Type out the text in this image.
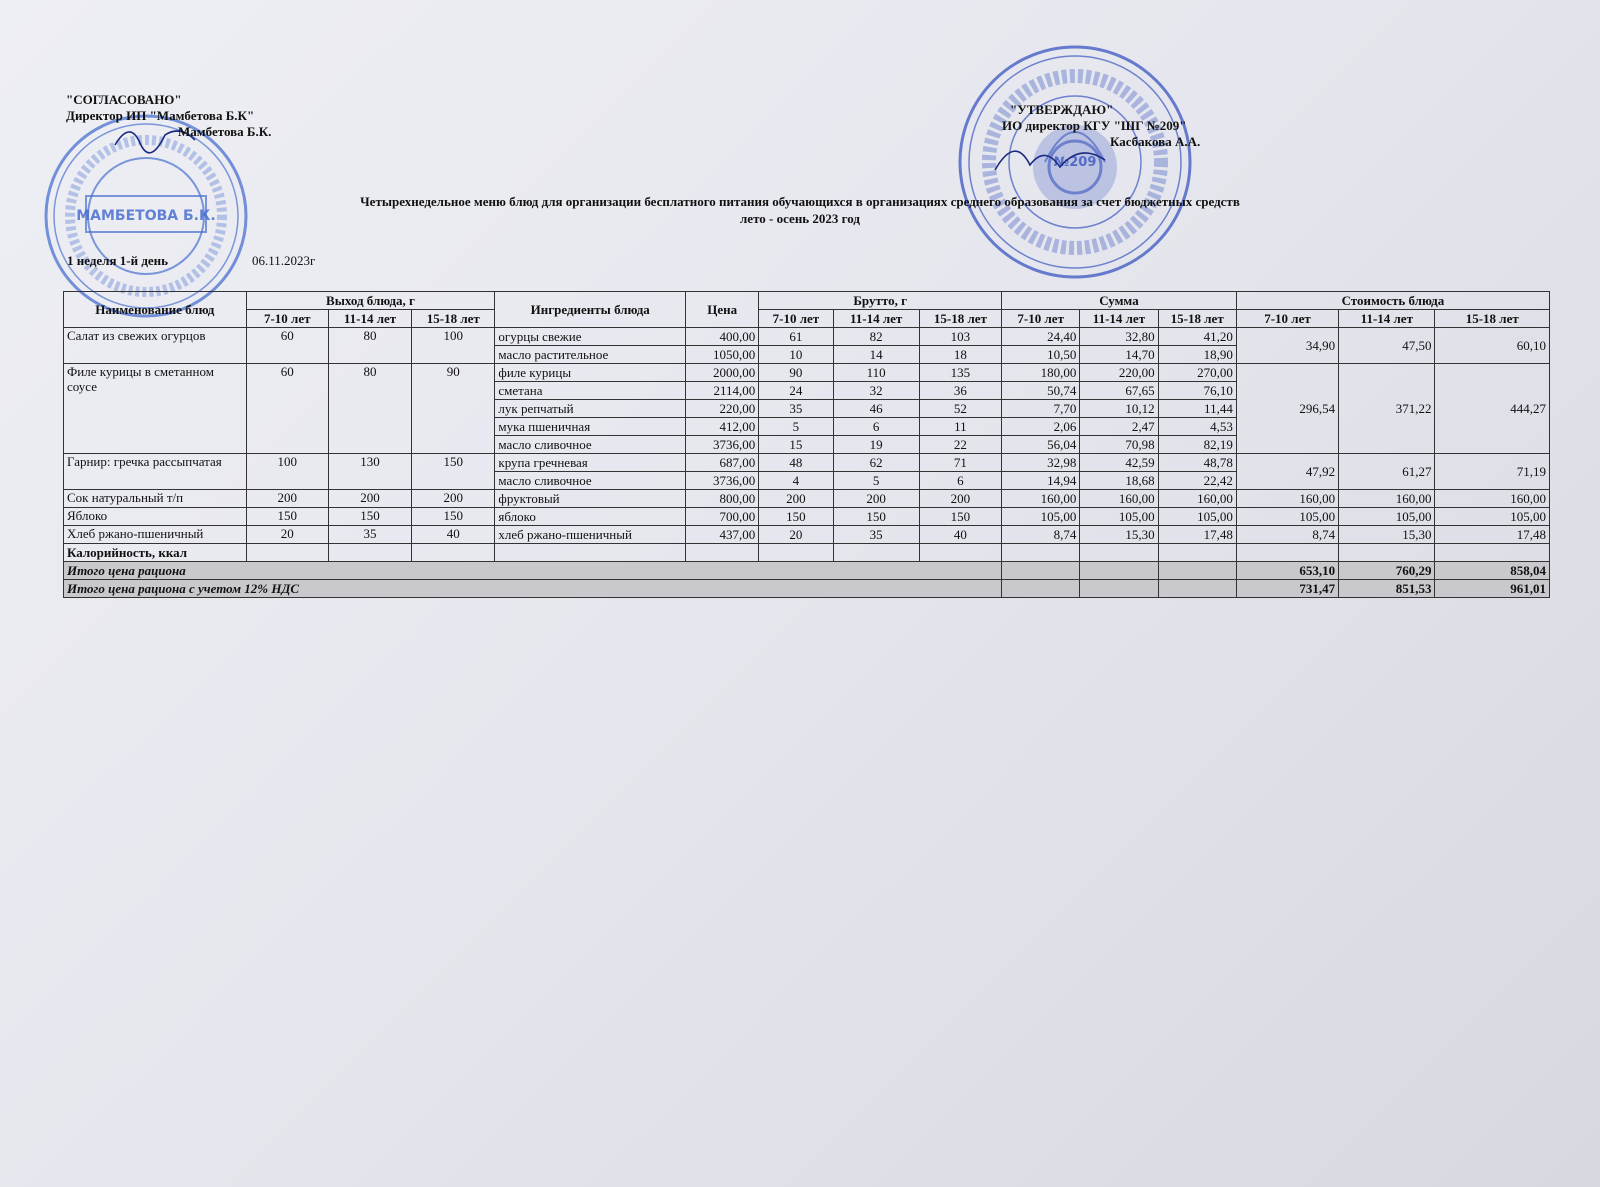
МАМБЕТОВА Б.К.
№209
"СОГЛАСОВАНО"
Директор ИП "Мамбетова Б.К"
Мамбетова Б.К.
"УТВЕРЖДАЮ"
ИО директор КГУ "ШГ №209"
Касбакова А.А.
Четырехнедельное меню блюд для организации бесплатного питания обучающихся в организациях среднего образования за счет бюджетных средств
лето - осень 2023 год
1 неделя 1-й день	06.11.2023г
Наименование блюд	Выход блюда, г			Ингредиенты блюда	Цена	Брутто, г			Сумма			Стоимость блюда		
	7-10 лет	11-14 лет	15-18 лет			7-10 лет	11-14 лет	15-18 лет	7-10 лет	11-14 лет	15-18 лет	7-10 лет	11-14 лет	15-18 лет
Салат из свежих огурцов	60	80	100	огурцы свежие	400,00	61	82	103	24,40	32,80	41,20	34,90	47,50	60,10
				масло растительное	1050,00	10	14	18	10,50	14,70	18,90			
Филе курицы в сметанном соусе	60	80	90	филе курицы	2000,00	90	110	135	180,00	220,00	270,00	296,54	371,22	444,27
				сметана	2114,00	24	32	36	50,74	67,65	76,10			
				лук репчатый	220,00	35	46	52	7,70	10,12	11,44			
				мука пшеничная	412,00	5	6	11	2,06	2,47	4,53			
				масло сливочное	3736,00	15	19	22	56,04	70,98	82,19			
Гарнир: гречка рассыпчатая	100	130	150	крупа гречневая	687,00	48	62	71	32,98	42,59	48,78	47,92	61,27	71,19
				масло сливочное	3736,00	4	5	6	14,94	18,68	22,42			
Сок натуральный т/п	200	200	200	фруктовый	800,00	200	200	200	160,00	160,00	160,00	160,00	160,00	160,00
Яблоко	150	150	150	яблоко	700,00	150	150	150	105,00	105,00	105,00	105,00	105,00	105,00
Хлеб ржано-пшеничный	20	35	40	хлеб ржано-пшеничный	437,00	20	35	40	8,74	15,30	17,48	8,74	15,30	17,48
Калорийность, ккал														
Итого цена рациона												653,10	760,29	858,04
Итого цена рациона с учетом 12% НДС												731,47	851,53	961,01
